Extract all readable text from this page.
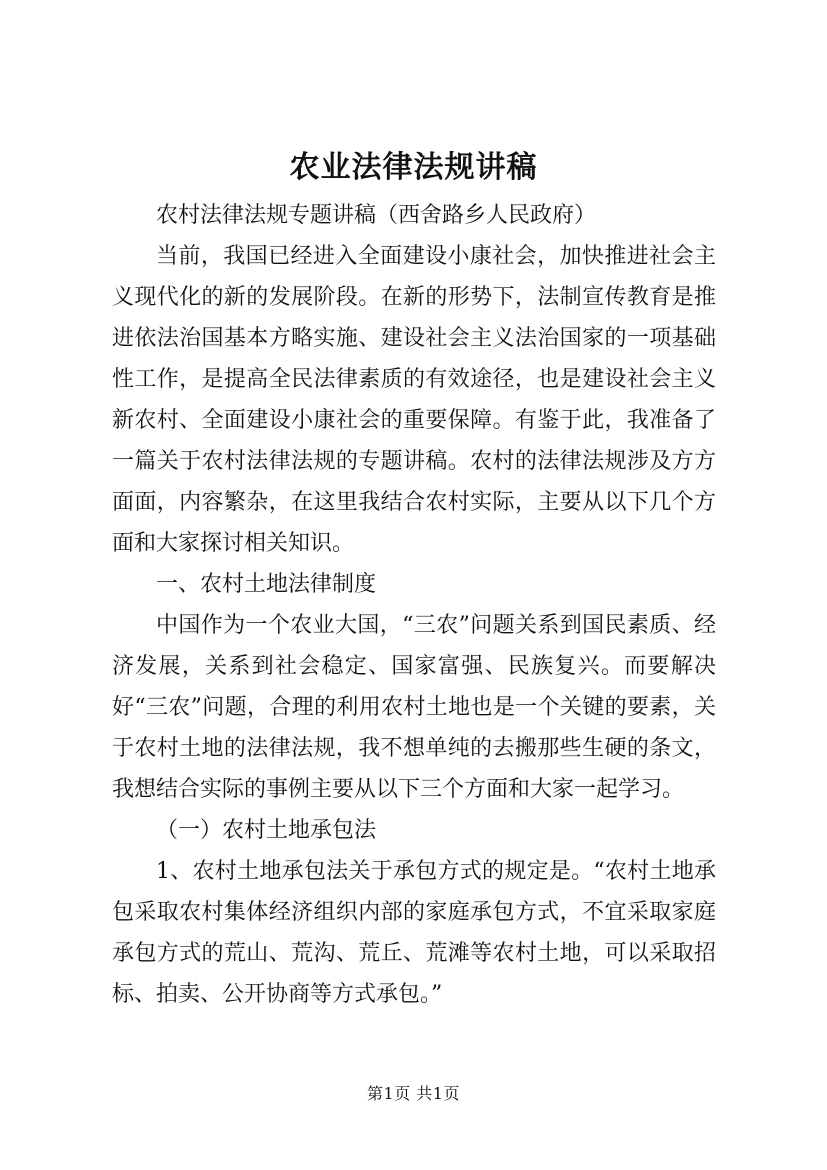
农业法律法规讲稿

农村法律法规专题讲稿（西舍路乡人民政府）

当前，我国已经进入全面建设小康社会，加快推进社会主义现代化的新的发展阶段。在新的形势下，法制宣传教育是推进依法治国基本方略实施、建设社会主义法治国家的一项基础性工作，是提高全民法律素质的有效途径，也是建设社会主义新农村、全面建设小康社会的重要保障。有鉴于此，我准备了一篇关于农村法律法规的专题讲稿。农村的法律法规涉及方方面面，内容繁杂，在这里我结合农村实际，主要从以下几个方面和大家探讨相关知识。

一、农村土地法律制度

中国作为一个农业大国，“三农”问题关系到国民素质、经济发展，关系到社会稳定、国家富强、民族复兴。而要解决好“三农”问题，合理的利用农村土地也是一个关键的要素，关于农村土地的法律法规，我不想单纯的去搬那些生硬的条文，我想结合实际的事例主要从以下三个方面和大家一起学习。

（一）农村土地承包法

1、农村土地承包法关于承包方式的规定是。“农村土地承包采取农村集体经济组织内部的家庭承包方式，不宜采取家庭承包方式的荒山、荒沟、荒丘、荒滩等农村土地，可以采取招标、拍卖、公开协商等方式承包。”

第1页 共1页
